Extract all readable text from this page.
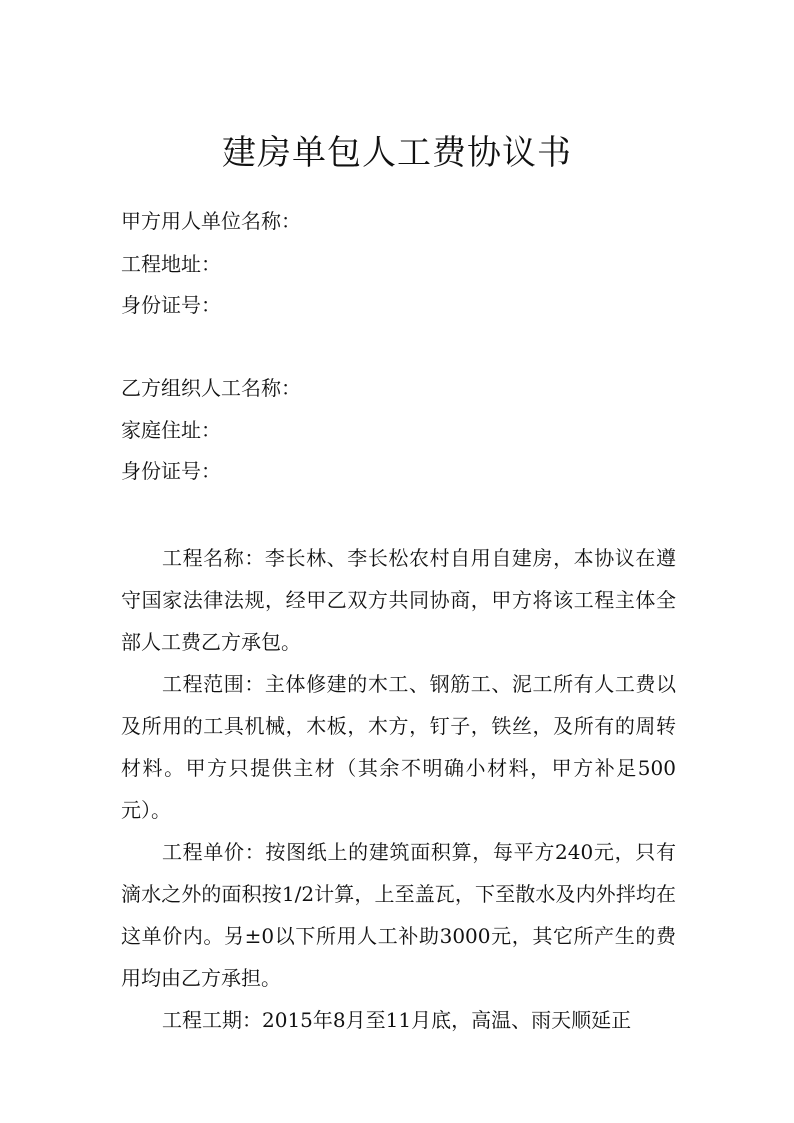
建房单包人工费协议书
甲方用人单位名称：
工程地址：
身份证号：
乙方组织人工名称：
家庭住址：
身份证号：

工程名称：李长林、李长松农村自用自建房，本协议在遵守国家法律法规，经甲乙双方共同协商，甲方将该工程主体全部人工费乙方承包。

工程范围：主体修建的木工、钢筋工、泥工所有人工费以及所用的工具机械，木板，木方，钉子，铁丝，及所有的周转材料。甲方只提供主材（其余不明确小材料，甲方补足500元）。

工程单价：按图纸上的建筑面积算，每平方240元，只有滴水之外的面积按1/2计算，上至盖瓦，下至散水及内外拌均在这单价内。另±0以下所用人工补助3000元，其它所产生的费用均由乙方承担。

工程工期：2015年8月至11月底，高温、雨天顺延正
